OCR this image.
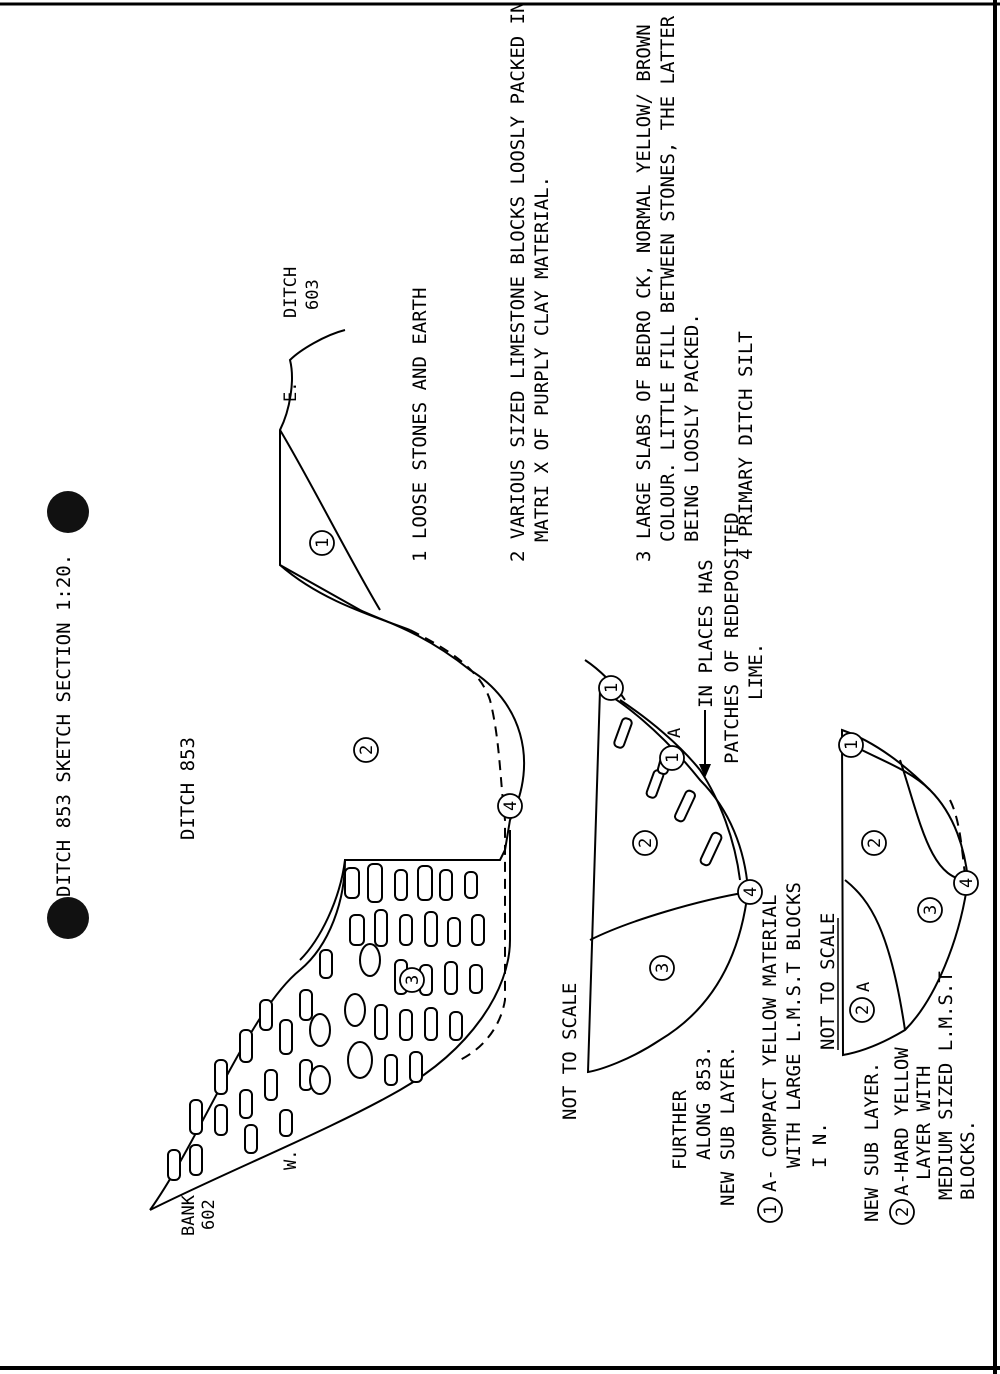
DITCH 853 SKETCH SECTION 1:20.
1
2
3
4
DITCH 853
BANK 602
W.
E.
DITCH 603	1 LOOSE STONES AND EARTH	2 VARIOUS SIZED LIMESTONE BLOCKS LOOSLY PACKED IN MATRI X OF PURPLY CLAY MATERIAL.	3 LARGE SLABS OF BEDRO CK, NORMAL YELLOW/ BROWN COLOUR. LITTLE FILL BETWEEN STONES, THE LATTER BEING LOOSLY PACKED. 4 PRIMARY DITCH SILT
1
1
A
2
3
4
IN PLACES HAS PATCHES OF REDEPOSITED LIME.
NOT TO SCALE
FURTHER ALONG 853. NEW SUB LAYER.
1
A- COMPACT YELLOW MATERIAL WITH LARGE L.M.S.T BLOCKS I N.
1
2
3
4
2
A
NOT TO SCALE
NEW SUB LAYER. 2
A-HARD YELLOW LAYER WITH MEDIUM SIZED L.M.S.T BLOCKS.
